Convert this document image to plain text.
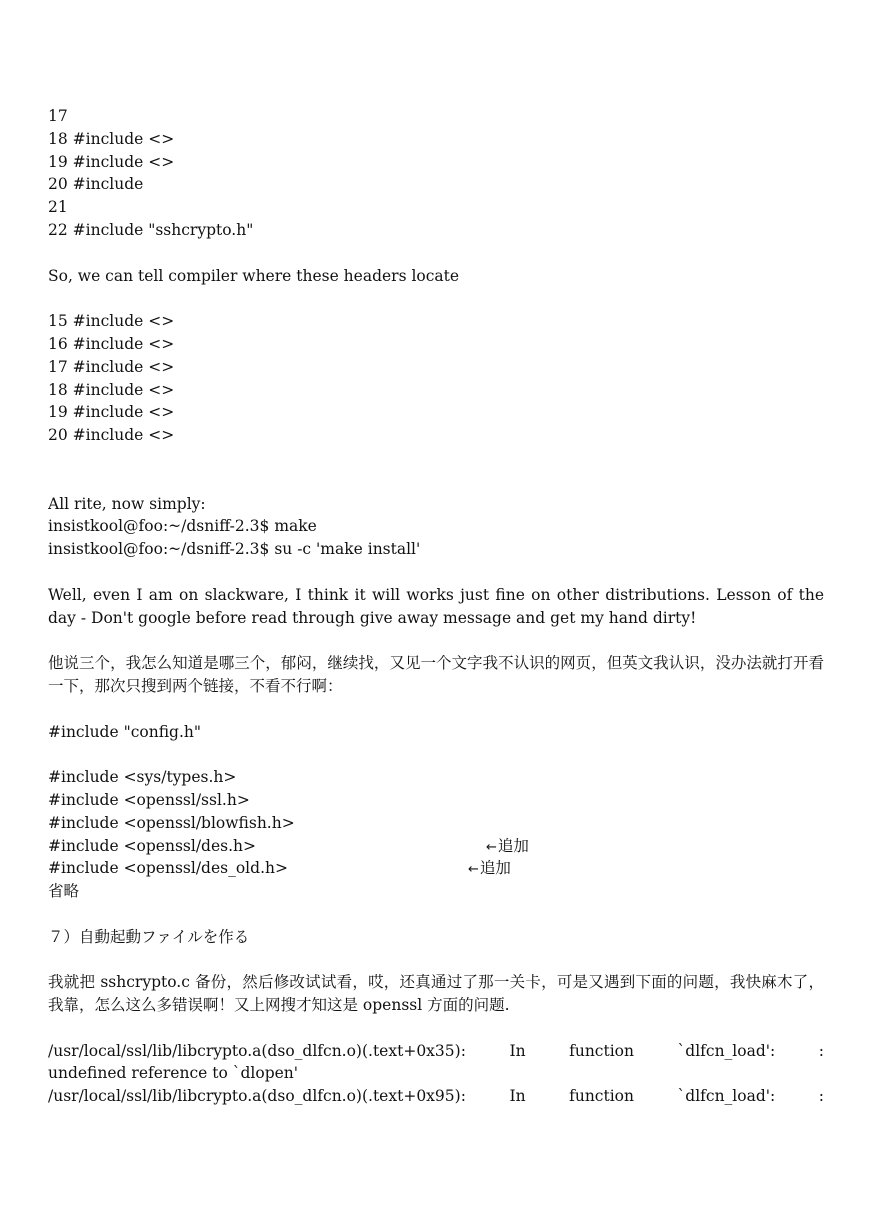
17
18 #include <>
19 #include <>
20 #include
21
22 #include "sshcrypto.h"
So, we can tell compiler where these headers locate
15 #include <>
16 #include <>
17 #include <>
18 #include <>
19 #include <>
20 #include <>
All rite, now simply:
insistkool@foo:~/dsniff-2.3$ make
insistkool@foo:~/dsniff-2.3$ su -c 'make install'
Well, even I am on slackware, I think it will works just fine on other distributions. Lesson of the day - Don't google before read through give away message and get my hand dirty!
他说三个，我怎么知道是哪三个，郁闷，继续找，又见一个文字我不认识的网页，但英文我认识，没办法就打开看一下，那次只搜到两个链接，不看不行啊：
#include "config.h"
#include <sys/types.h>
#include <openssl/ssl.h>
#include <openssl/blowfish.h>
#include <openssl/des.h>
#include <openssl/des_old.h>
←追加
←追加
省略
７）自動起動ファイルを作る
我就把 sshcrypto.c 备份，然后修改试试看，哎，还真通过了那一关卡，可是又遇到下面的问题，我快麻木了，我靠，怎么这么多错误啊！又上网搜才知这是 openssl 方面的问题.
/usr/local/ssl/lib/libcrypto.a(dso_dlfcn.o)(.text+0x35):	In	function	`dlfcn_load':	:
undefined reference to `dlopen'
/usr/local/ssl/lib/libcrypto.a(dso_dlfcn.o)(.text+0x95):	In	function	`dlfcn_load':	:
